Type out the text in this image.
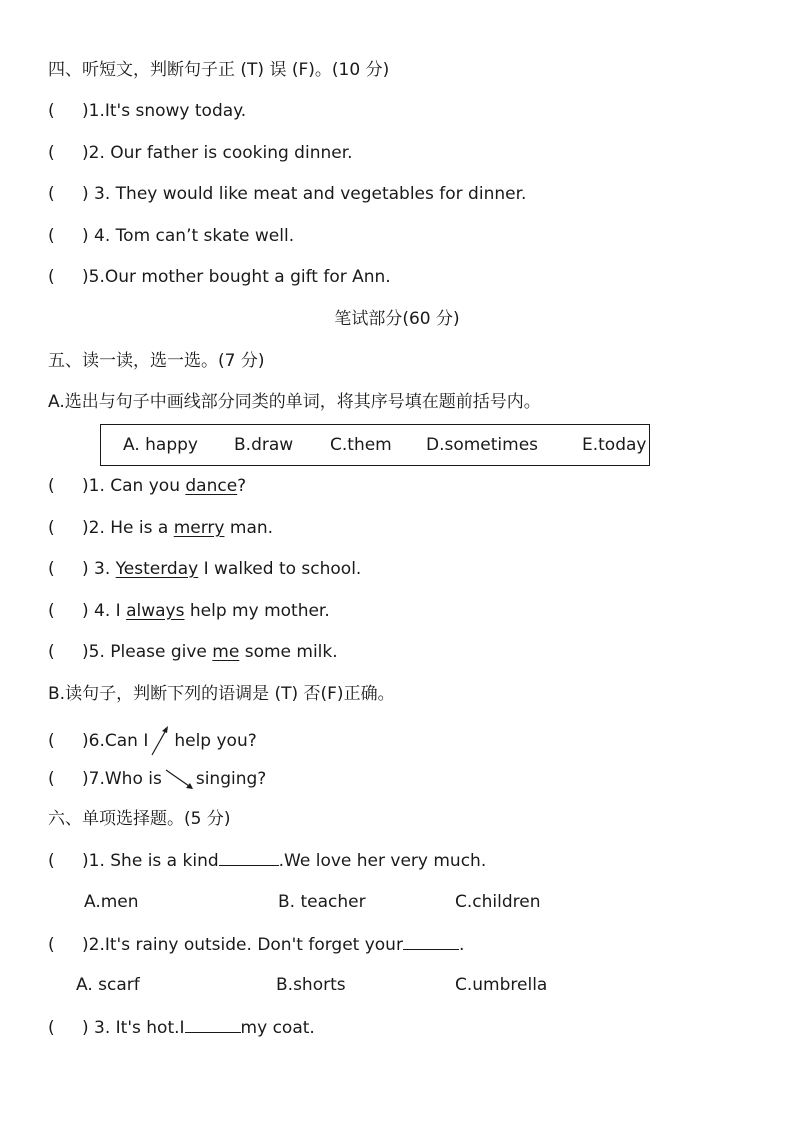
四、听短文，判断句子正 (T) 误 (F)。(10 分)
( )1.It's snowy today.
( )2. Our father is cooking dinner.
( ) 3. They would like meat and vegetables for dinner.
( ) 4. Tom can’t skate well.
( )5.Our mother bought a gift for Ann.
笔试部分(60 分)
五、读一读，选一选。(7 分)
A.选出与句子中画线部分同类的单词，将其序号填在题前括号内。
A. happy B.draw C.them D.sometimes	E.today
( )1. Can you dance?
( )2. He is a merry man.
( ) 3. Yesterday I walked to school.
( ) 4. I always help my mother.
( )5. Please give me some milk.
B.读句子，判断下列的语调是 (T) 否(F)正确。
( )6.Can I help you?
( )7.Who is singing?
六、单项选择题。(5 分)
( )1. She is a kind	.We love her very much.
A.men	B. teacher	C.children
( )2.It's rainy outside. Don't forget your	.
A. scarf	B.shorts	C.umbrella
( ) 3. It's hot.I	my coat.
